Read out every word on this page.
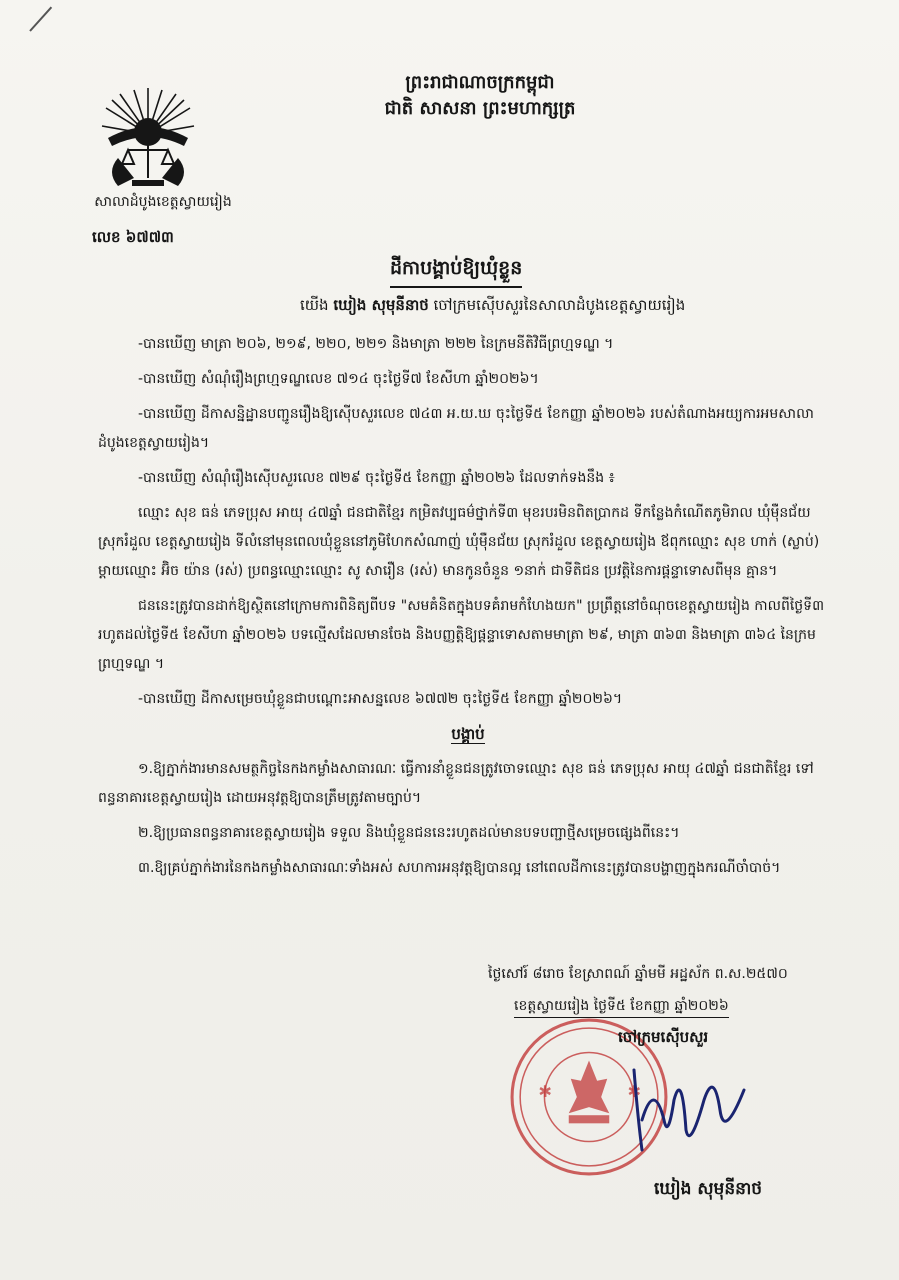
សាលាដំបូងខេត្តស្វាយរៀង
លេខ ៦៧៧៣
ព្រះរាជាណាចក្រកម្ពុជា
ជាតិ សាសនា ព្រះមហាក្សត្រ
ដីកាបង្គាប់ឱ្យឃុំខ្លួន
យើង ឃៀង សុមុនីនាថ ចៅក្រមស៊ើបសួរនៃសាលាដំបូងខេត្តស្វាយរៀង

-បានឃើញ មាត្រា ២០៦, ២១៩, ២២០, ២២១ និងមាត្រា ២២២ នៃក្រមនីតិវិធីព្រហ្មទណ្ឌ ។

-បានឃើញ សំណុំរឿងព្រហ្មទណ្ឌលេខ ៧១៤ ចុះថ្ងៃទី៧ ខែសីហា ឆ្នាំ២០២៦។

-បានឃើញ ដីកាសន្និដ្ឋានបញ្ជូនរឿងឱ្យស៊ើបសួរលេខ ៧៤៣ អ.យ.ឃ ចុះថ្ងៃទី៥ ខែកញ្ញា ឆ្នាំ២០២៦ របស់តំណាងអយ្យការអមសាលាដំបូងខេត្តស្វាយរៀង។

-បានឃើញ សំណុំរឿងស៊ើបសួរលេខ ៧២៩ ចុះថ្ងៃទី៥ ខែកញ្ញា ឆ្នាំ២០២៦ ដែលទាក់ទងនឹង ៖

ឈ្មោះ សុខ ធន់ ភេទប្រុស អាយុ ៤៧ឆ្នាំ ជនជាតិខ្មែរ កម្រិតវប្បធម៌ថ្នាក់ទី៣ មុខរបរមិនពិតប្រាកដ ទីកន្លែងកំណើតភូមិរាល ឃុំម៉ឺនជ័យ ស្រុករំដួល ខេត្តស្វាយរៀង ទីលំនៅមុនពេលឃុំខ្លួននៅភូមិហែកសំណាញ់ ឃុំម៉ឺនជ័យ ស្រុករំដួល ខេត្តស្វាយរៀង ឪពុកឈ្មោះ សុខ ហាក់ (ស្លាប់) ម្ដាយឈ្មោះ អ៊ិច យ៉ាន (រស់) ប្រពន្ធឈ្មោះឈ្មោះ សូ សារឿន (រស់) មានកូនចំនួន ១នាក់ ជាទីតិជន ប្រវត្តិនៃការផ្ដន្ទាទោសពីមុន គ្មាន។

ជននេះត្រូវបានដាក់ឱ្យស្ថិតនៅក្រោមការពិនិត្យពីបទ "សមគំនិតក្នុងបទគំរាមកំហែងយក" ប្រព្រឹត្តនៅចំណុចខេត្តស្វាយរៀង កាលពីថ្ងៃទី៣ រហូតដល់ថ្ងៃទី៥ ខែសីហា ឆ្នាំ២០២៦ បទល្មើសដែលមានចែង និងបញ្ញត្តិឱ្យផ្ដន្ទាទោសតាមមាត្រា ២៩, មាត្រា ៣៦៣ និងមាត្រា ៣៦៤ នៃក្រមព្រហ្មទណ្ឌ ។

-បានឃើញ ដីកាសម្រេចឃុំខ្លួនជាបណ្ដោះអាសន្នលេខ ៦៧៧២ ចុះថ្ងៃទី៥ ខែកញ្ញា ឆ្នាំ២០២៦។

បង្គាប់

១.ឱ្យភ្នាក់ងារមានសមត្ថកិច្ចនៃកងកម្លាំងសាធារណៈ ធ្វើការនាំខ្លួនជនត្រូវចោទឈ្មោះ សុខ ធន់ ភេទប្រុស អាយុ ៤៧ឆ្នាំ ជនជាតិខ្មែរ ទៅពន្ធនាគារខេត្តស្វាយរៀង ដោយអនុវត្តឱ្យបានត្រឹមត្រូវតាមច្បាប់។

២.ឱ្យប្រធានពន្ធនាគារខេត្តស្វាយរៀង ទទួល និងឃុំខ្លួនជននេះរហូតដល់មានបទបញ្ជាថ្មីសម្រេចផ្សេងពីនេះ។

៣.ឱ្យគ្រប់ភ្នាក់ងារនៃកងកម្លាំងសាធារណៈទាំងអស់ សហការអនុវត្តឱ្យបានល្អ នៅពេលដីកានេះត្រូវបានបង្ហាញក្នុងករណីចាំបាច់។

ថ្ងៃសៅរ៍ ៨រោច ខែស្រាពណ៍ ឆ្នាំមមី អដ្ឋស័ក ព.ស.២៥៧០
ខេត្តស្វាយរៀង ថ្ងៃទី៥ ខែកញ្ញា ឆ្នាំ២០២៦
✱	✱
ចៅក្រមស៊ើបសួរ
ឃៀង សុមុនីនាថ
